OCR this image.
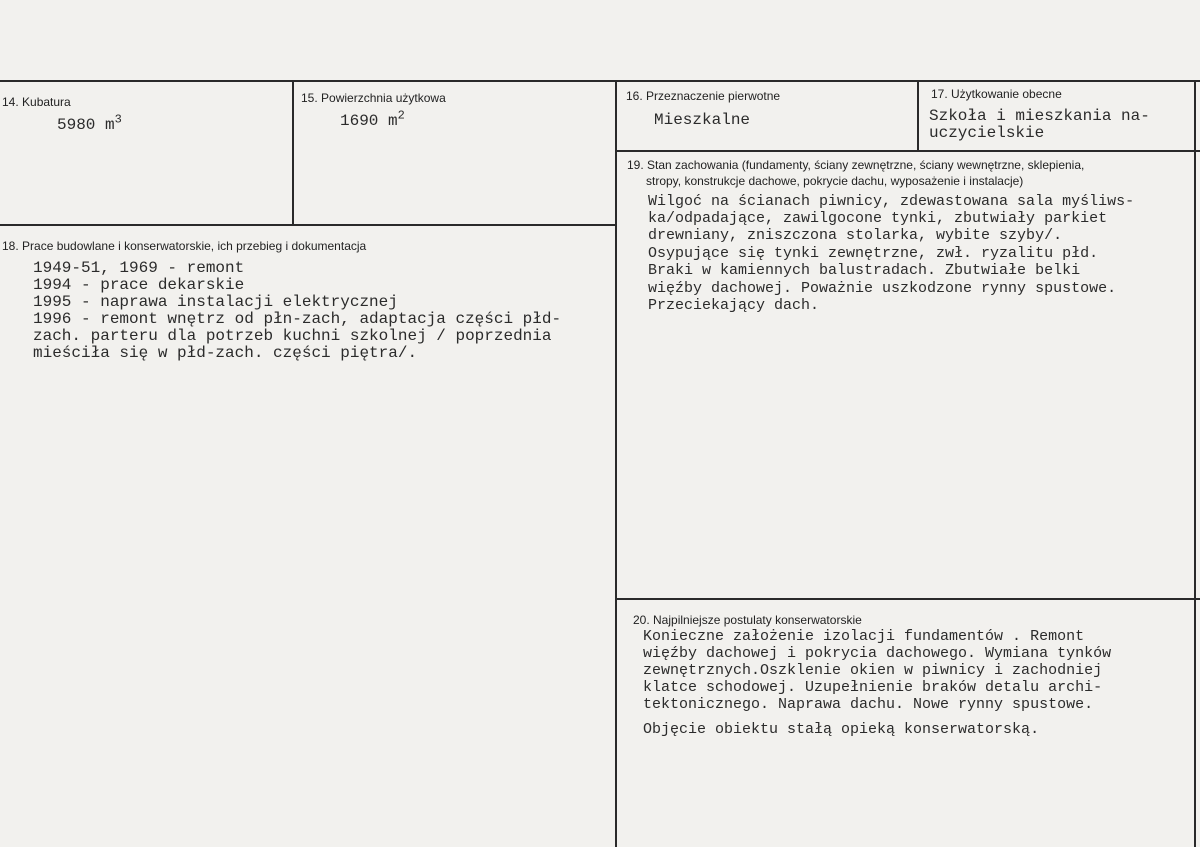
14. Kubatura
5980 $m^3$
15. Powierzchnia użytkowa
1690 $m^2$
16. Przeznaczenie pierwotne
Mieszkalne
17. Użytkowanie obecne
Szkoła i mieszkania na-
uczycielskie
18. Prace budowlane i konserwatorskie, ich przebieg i dokumentacja
1949-51, 1969 - remont
1994 - prace dekarskie
1995 - naprawa instalacji elektrycznej
1996 - remont wnętrz od płn-zach, adaptacja części płd-
zach. parteru dla potrzeb kuchni szkolnej / poprzednia
mieściła się w płd-zach. części piętra/.
19. Stan zachowania (fundamenty, ściany zewnętrzne, ściany wewnętrzne, sklepienia,
stropy, konstrukcje dachowe, pokrycie dachu, wyposażenie i instalacje)
Wilgoć na ścianach piwnicy, zdewastowana sala myśliws-
ka/odpadające, zawilgocone tynki, zbutwiały parkiet
drewniany, zniszczona stolarka, wybite szyby/.
Osypujące się tynki zewnętrzne, zwł. ryzalitu płd.
Braki w kamiennych balustradach. Zbutwiałe belki
więźby dachowej. Poważnie uszkodzone rynny spustowe.
Przeciekający dach.
20. Najpilniejsze postulaty konserwatorskie
Konieczne założenie izolacji fundamentów . Remont
więźby dachowej i pokrycia dachowego. Wymiana tynków
zewnętrznych.Oszklenie okien w piwnicy i zachodniej
klatce schodowej. Uzupełnienie braków detalu archi-
tektonicznego. Naprawa dachu. Nowe rynny spustowe.
Objęcie obiektu stałą opieką konserwatorską.
